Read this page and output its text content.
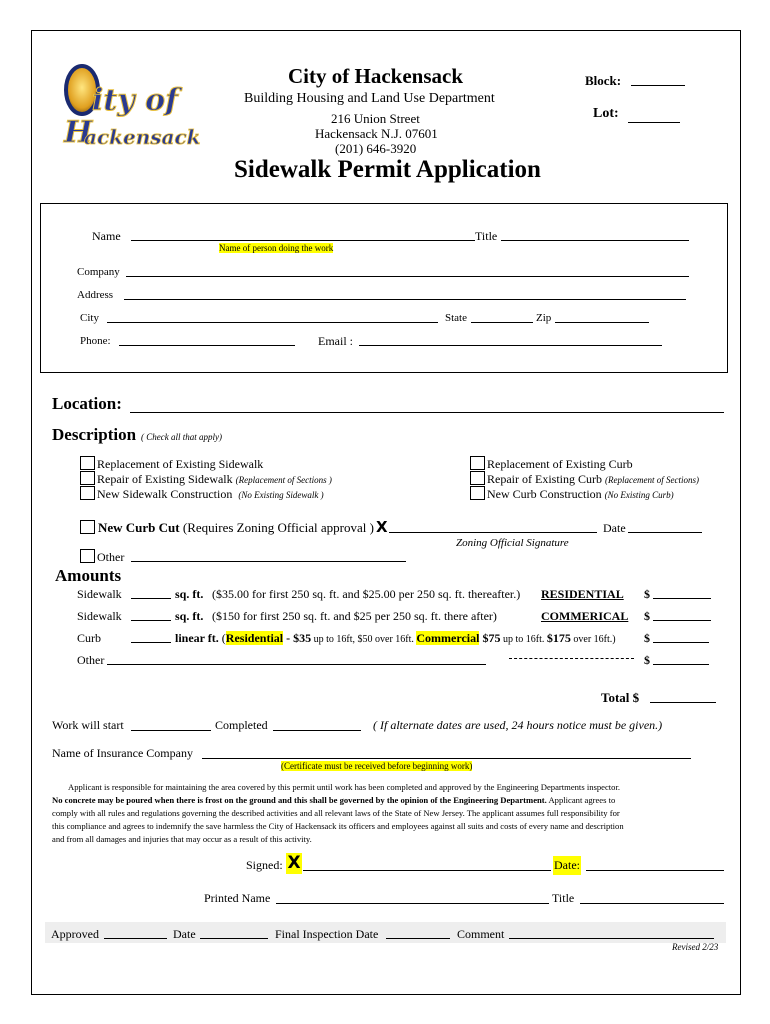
ity of
H
ackensack
City of Hackensack
Building Housing and Land Use Department
216 Union Street
Hackensack N.J. 07601
(201) 646-3920
Sidewalk Permit Application
Block:
Lot:
Name	Title
Name of person doing the work
Company
Address
City	State	Zip
Phone:	Email :
Location:
Description ( Check all that apply)
Replacement of Existing Sidewalk
Repair of Existing Sidewalk (Replacement of Sections )
New Sidewalk Construction (No Existing Sidewalk )
Replacement of Existing Curb
Repair of Existing Curb (Replacement of Sections)
New Curb Construction (No Existing Curb)
New Curb Cut (Requires Zoning Official approval ) X	Date
Zoning Official Signature
Other
Amounts
Sidewalk	sq. ft. ($35.00 for first 250 sq. ft. and $25.00 per 250 sq. ft. thereafter.) RESIDENTIAL $
Sidewalk	sq. ft. ($150 for first 250 sq. ft. and $25 per 250 sq. ft. there after)	COMMERICAL $
Curb	linear ft. (Residential - $35 up to 16ft, $50 over 16ft. Commercial $75 up to 16ft. $175 over 16ft.) $
Other	$
Total $
Work will start	Completed	( If alternate dates are used, 24 hours notice must be given.)
Name of Insurance Company
(Certificate must be received before beginning work)
Applicant is responsible for maintaining the area covered by this permit until work has been completed and approved by the Engineering Departments inspector.
No concrete may be poured when there is frost on the ground and this shall be governed by the opinion of the Engineering Department. Applicant agrees to
comply with all rules and regulations governing the described activities and all relevant laws of the State of New Jersey. The applicant assumes full responsibility for
this compliance and agrees to indemnify the save harmless the City of Hackensack its officers and employees against all suits and costs of every name and description
and from all damages and injuries that may occur as a result of this activity.
Signed: X	Date:
Printed Name	Title
Approved	Date	Final Inspection Date	Comment
Revised 2/23
